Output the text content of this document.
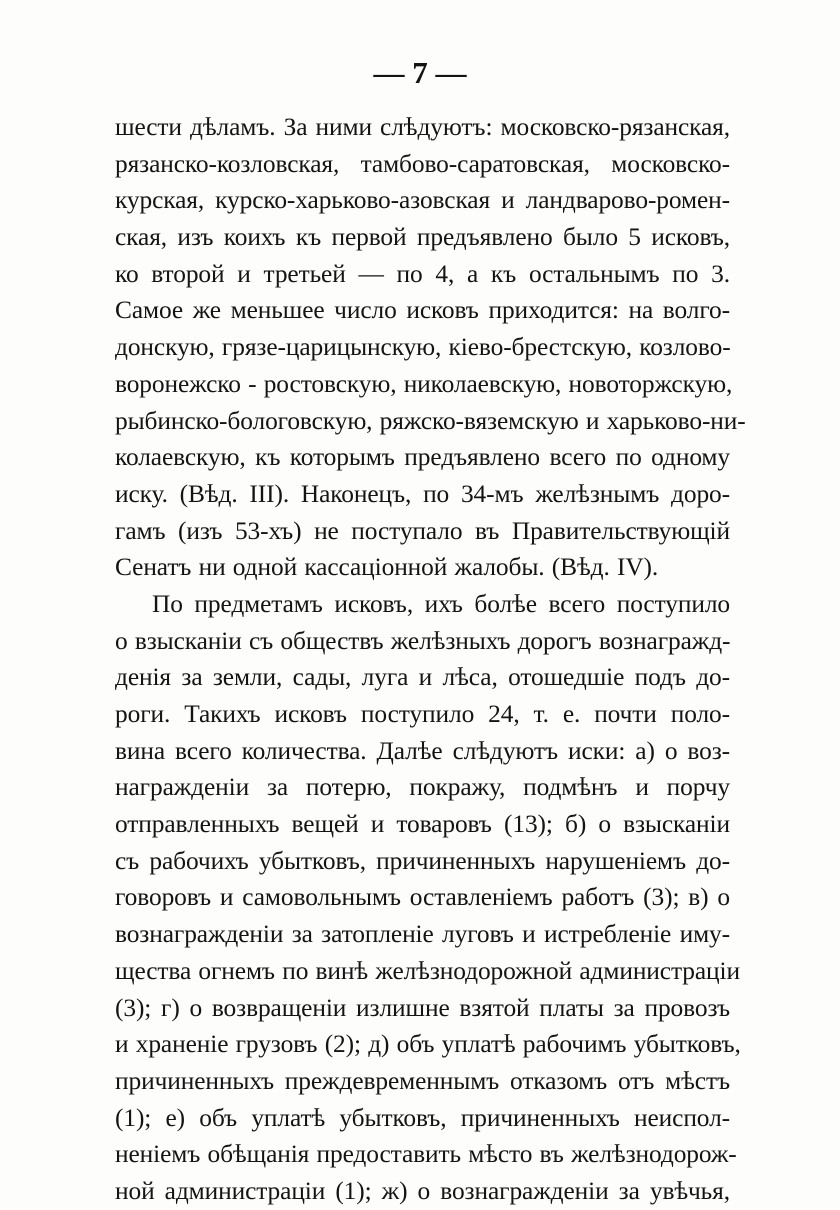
— 7 —
шести дѣламъ. За ними слѣдуютъ: московско-рязанская,
рязанско-козловская, тамбово-саратовская, московско-
курская, курско-харьково-азовская и ландварово-ромен-
ская, изъ коихъ къ первой предъявлено было 5 исковъ,
ко второй и третьей — по 4, а къ остальнымъ по 3.
Самое же меньшее число исковъ приходится: на волго-
донскую, грязе-царицынскую, кіево-брестскую, козлово-
воронежско - ростовскую, николаевскую, новоторжскую,
рыбинско-бологовскую, ряжско-вяземскую и харьково-ни-
колаевскую, къ которымъ предъявлено всего по одному
иску. (Вѣд. III). Наконецъ, по 34-мъ желѣзнымъ доро-
гамъ (изъ 53-хъ) не поступало въ Правительствующій
Сенатъ ни одной кассаціонной жалобы. (Вѣд. IV).
По предметамъ исковъ, ихъ болѣе всего поступило
о взысканіи съ обществъ желѣзныхъ дорогъ вознагражд-
денія за земли, сады, луга и лѣса, отошедшіе подъ до-
роги. Такихъ исковъ поступило 24, т. е. почти поло-
вина всего количества. Далѣе слѣдуютъ иски: а) о воз-
награжденіи за потерю, покражу, подмѣнъ и порчу
отправленныхъ вещей и товаровъ (13); б) о взысканіи
съ рабочихъ убытковъ, причиненныхъ нарушеніемъ до-
говоровъ и самовольнымъ оставленіемъ работъ (3); в) о
вознагражденіи за затопленіе луговъ и истребленіе иму-
щества огнемъ по винѣ желѣзнодорожной администраціи
(3); г) о возвращеніи излишне взятой платы за провозъ
и храненіе грузовъ (2); д) объ уплатѣ рабочимъ убытковъ,
причиненныхъ преждевременнымъ отказомъ отъ мѣстъ
(1); е) объ уплатѣ убытковъ, причиненныхъ неиспол-
неніемъ обѣщанія предоставить мѣсто въ желѣзнодорож-
ной администраціи (1); ж) о вознагражденіи за увѣчья,
